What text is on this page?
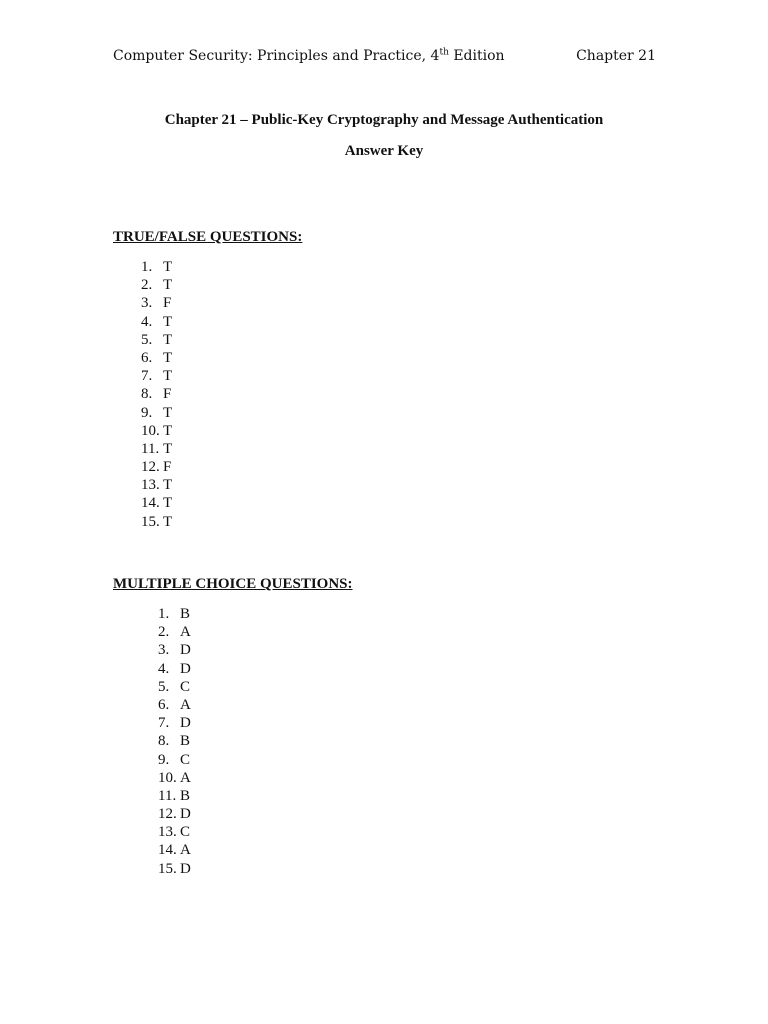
Computer Security: Principles and Practice, 4th Edition	Chapter 21
Chapter 21 – Public-Key Cryptography and Message Authentication
Answer Key
TRUE/FALSE QUESTIONS:
1. T
2. T
3. F
4. T
5. T
6. T
7. T
8. F
9. T
10. T
11. T
12. F
13. T
14. T
15. T
MULTIPLE CHOICE QUESTIONS:
1. B
2. A
3. D
4. D
5. C
6. A
7. D
8. B
9. C
10. A
11. B
12. D
13. C
14. A
15. D
